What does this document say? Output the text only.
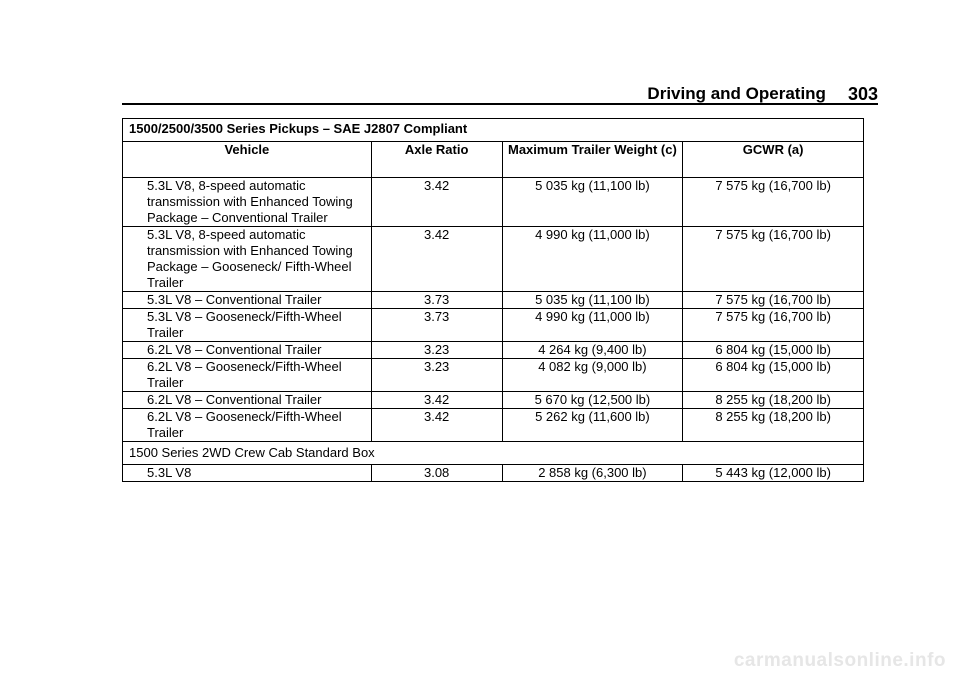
Driving and Operating 303
1500/2500/3500 Series Pickups – SAE J2807 Compliant			
Vehicle	Axle Ratio	Maximum Trailer Weight (c)	GCWR (a)
5.3L V8, 8-speed automatic transmission with Enhanced Towing Package – Conventional Trailer	3.42	5 035 kg (11,100 lb)	7 575 kg (16,700 lb)
5.3L V8, 8-speed automatic transmission with Enhanced Towing Package – Gooseneck/ Fifth-Wheel Trailer	3.42	4 990 kg (11,000 lb)	7 575 kg (16,700 lb)
5.3L V8 – Conventional Trailer	3.73	5 035 kg (11,100 lb)	7 575 kg (16,700 lb)
5.3L V8 – Gooseneck/Fifth-Wheel Trailer	3.73	4 990 kg (11,000 lb)	7 575 kg (16,700 lb)
6.2L V8 – Conventional Trailer	3.23	4 264 kg (9,400 lb)	6 804 kg (15,000 lb)
6.2L V8 – Gooseneck/Fifth-Wheel Trailer	3.23	4 082 kg (9,000 lb)	6 804 kg (15,000 lb)
6.2L V8 – Conventional Trailer	3.42	5 670 kg (12,500 lb)	8 255 kg (18,200 lb)
6.2L V8 – Gooseneck/Fifth-Wheel Trailer	3.42	5 262 kg (11,600 lb)	8 255 kg (18,200 lb)
1500 Series 2WD Crew Cab Standard Box			
5.3L V8	3.08	2 858 kg (6,300 lb)	5 443 kg (12,000 lb)
carmanualsonline.info
